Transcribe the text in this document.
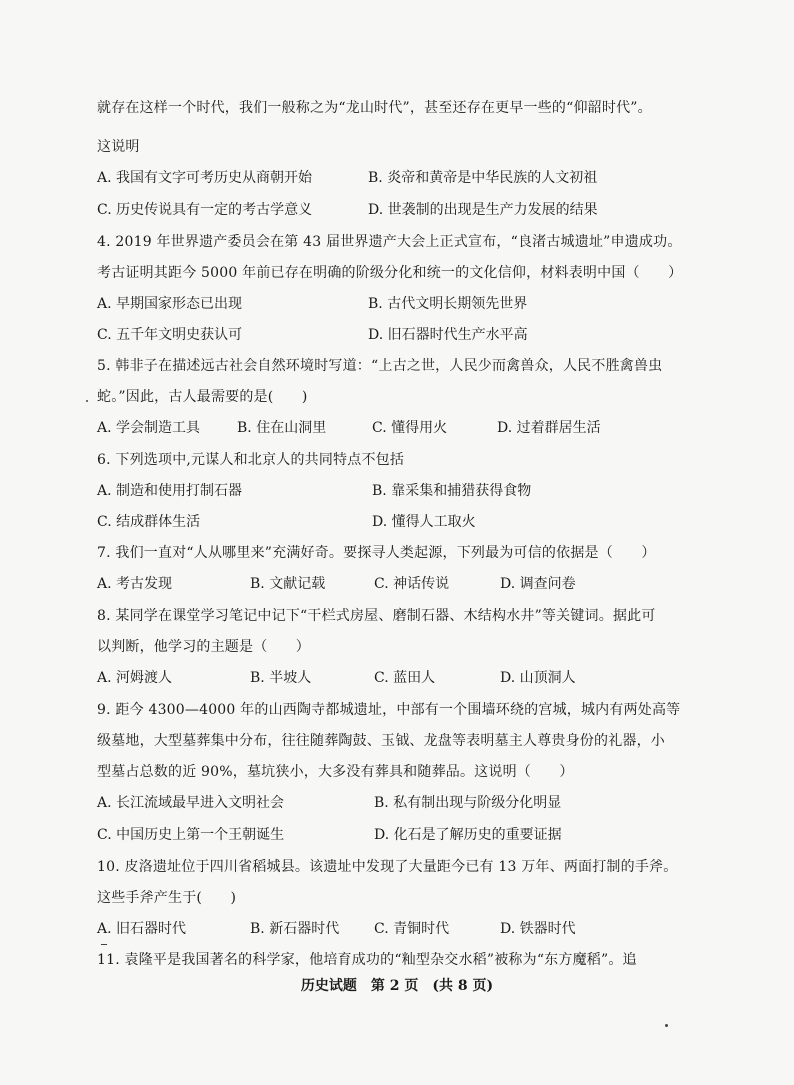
就存在这样一个时代，我们一般称之为“龙山时代”，甚至还存在更早一些的“仰韶时代”。
这说明
A. 我国有文字可考历史从商朝开始	B. 炎帝和黄帝是中华民族的人文初祖
C. 历史传说具有一定的考古学意义	D. 世袭制的出现是生产力发展的结果
4. 2019 年世界遗产委员会在第 43 届世界遗产大会上正式宣布，“良渚古城遗址”申遗成功。
考古证明其距今 5000 年前已存在明确的阶级分化和统一的文化信仰，材料表明中国（　　）
A. 早期国家形态已出现	B. 古代文明长期领先世界
C. 五千年文明史获认可	D. 旧石器时代生产水平高
5. 韩非子在描述远古社会自然环境时写道：“上古之世，人民少而禽兽众，人民不胜禽兽虫
蛇。”因此，古人最需要的是(　　)
A. 学会制造工具	B. 住在山洞里	C. 懂得用火	D. 过着群居生活
6. 下列选项中,元谋人和北京人的共同特点不包括
A. 制造和使用打制石器	B. 靠采集和捕猎获得食物
C. 结成群体生活	D. 懂得人工取火
7. 我们一直对“人从哪里来”充满好奇。要探寻人类起源，下列最为可信的依据是（　　）
A. 考古发现	B. 文献记载	C. 神话传说	D. 调查问卷
8. 某同学在课堂学习笔记中记下“干栏式房屋、磨制石器、木结构水井”等关键词。据此可
以判断，他学习的主题是（　　）
A. 河姆渡人	B. 半坡人	C. 蓝田人	D. 山顶洞人
9. 距今 4300—4000 年的山西陶寺都城遗址，中部有一个围墙环绕的宫城，城内有两处高等
级墓地，大型墓葬集中分布，往往随葬陶鼓、玉钺、龙盘等表明墓主人尊贵身份的礼器，小
型墓占总数的近 90%，墓坑狭小，大多没有葬具和随葬品。这说明（　　）
A. 长江流域最早进入文明社会	B. 私有制出现与阶级分化明显
C. 中国历史上第一个王朝诞生	D. 化石是了解历史的重要证据
10. 皮洛遗址位于四川省稻城县。该遗址中发现了大量距今已有 13 万年、两面打制的手斧。
这些手斧产生于(　　)
A. 旧石器时代	B. 新石器时代 C. 青铜时代	D. 铁器时代
11. 袁隆平是我国著名的科学家，他培育成功的“籼型杂交水稻”被称为“东方魔稻”。追
历史试题　第 2 页　(共 8 页)
